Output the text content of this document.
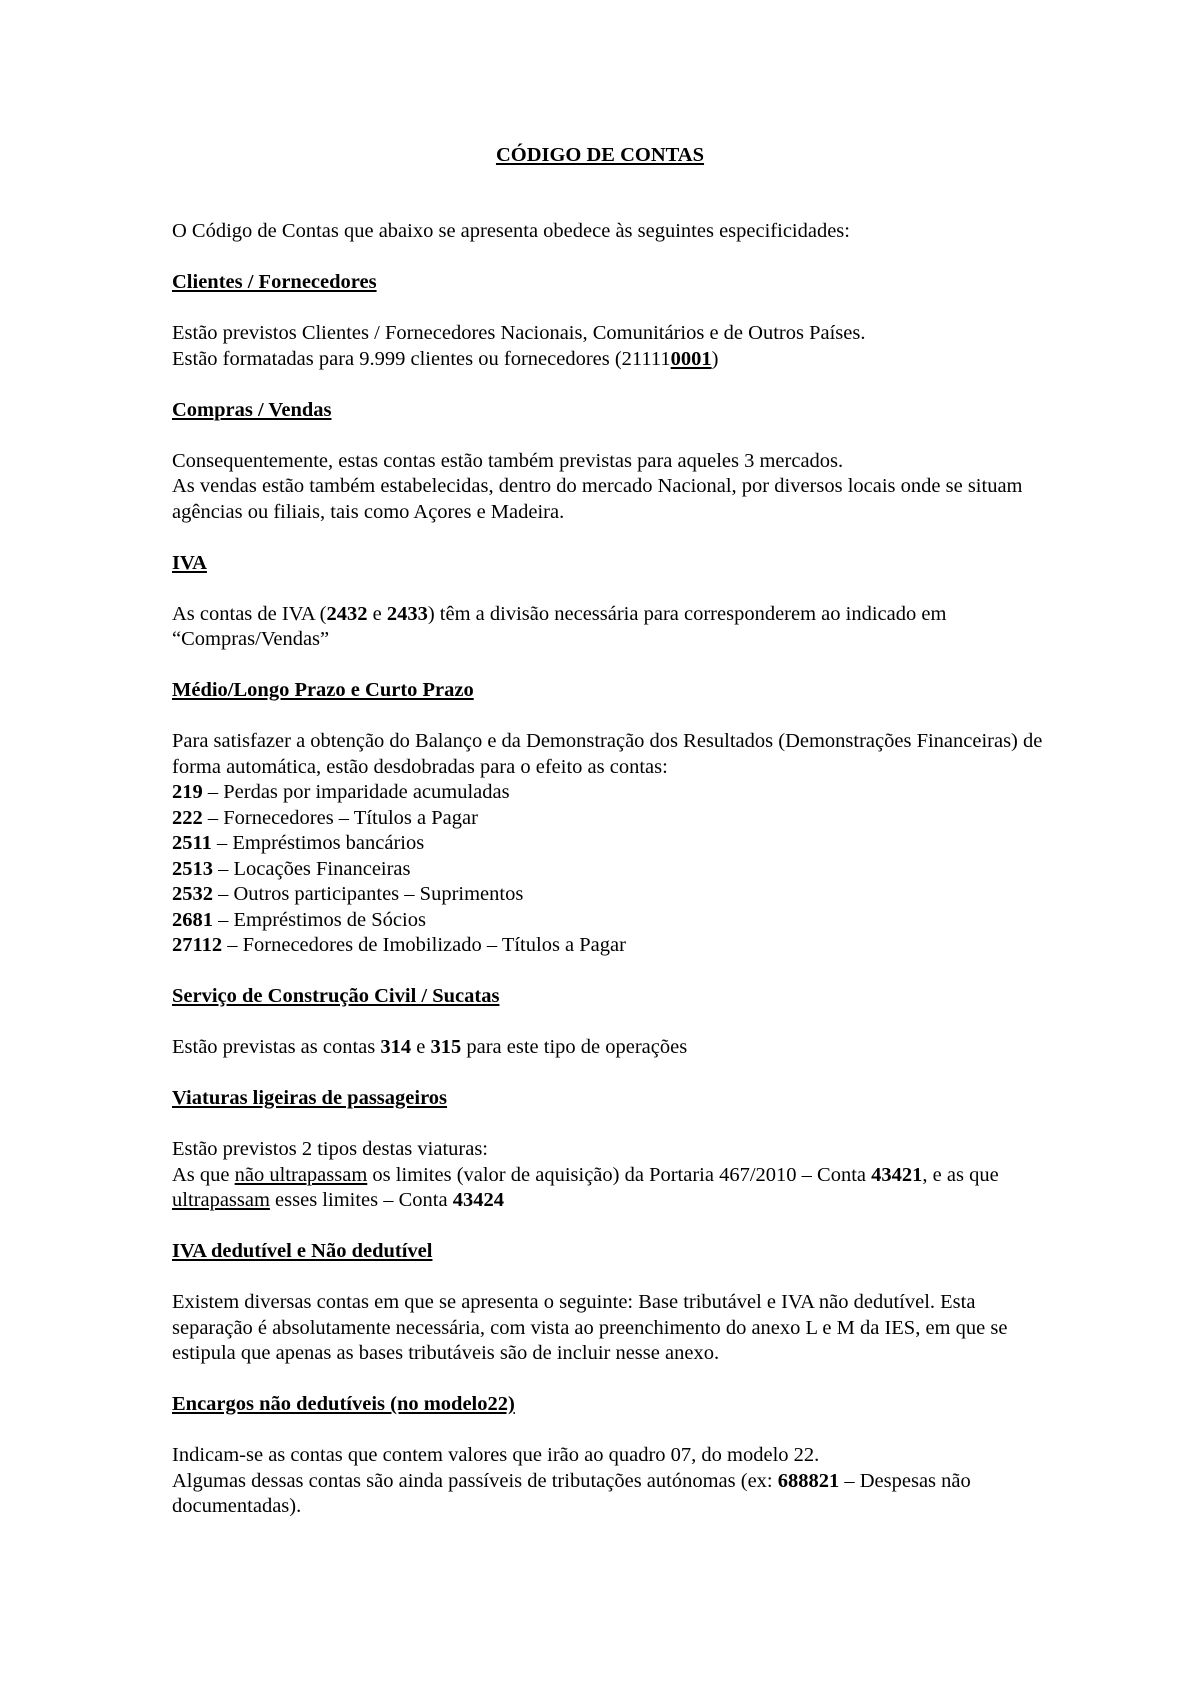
CÓDIGO DE CONTAS

O Código de Contas que abaixo se apresenta obedece às seguintes especificidades:

Clientes / Fornecedores

Estão previstos Clientes / Fornecedores Nacionais, Comunitários e de Outros Países.

Estão formatadas para 9.999 clientes ou fornecedores (211110001)

Compras / Vendas

Consequentemente, estas contas estão também previstas para aqueles 3 mercados.

As vendas estão também estabelecidas, dentro do mercado Nacional, por diversos locais onde se situam agências ou filiais, tais como Açores e Madeira.

IVA

As contas de IVA (2432 e 2433) têm a divisão necessária para corresponderem ao indicado em “Compras/Vendas”

Médio/Longo Prazo e Curto Prazo

Para satisfazer a obtenção do Balanço e da Demonstração dos Resultados (Demonstrações Financeiras) de forma automática, estão desdobradas para o efeito as contas:

219 – Perdas por imparidade acumuladas

222 – Fornecedores – Títulos a Pagar

2511 – Empréstimos bancários

2513 – Locações Financeiras

2532 – Outros participantes – Suprimentos

2681 – Empréstimos de Sócios

27112 – Fornecedores de Imobilizado – Títulos a Pagar

Serviço de Construção Civil / Sucatas

Estão previstas as contas 314 e 315 para este tipo de operações

Viaturas ligeiras de passageiros

Estão previstos 2 tipos destas viaturas:

As que não ultrapassam os limites (valor de aquisição) da Portaria 467/2010 – Conta 43421, e as que ultrapassam esses limites – Conta 43424

IVA dedutível e Não dedutível

Existem diversas contas em que se apresenta o seguinte: Base tributável e IVA não dedutível. Esta separação é absolutamente necessária, com vista ao preenchimento do anexo L e M da IES, em que se estipula que apenas as bases tributáveis são de incluir nesse anexo.

Encargos não dedutíveis (no modelo22)

Indicam-se as contas que contem valores que irão ao quadro 07, do modelo 22.

Algumas dessas contas são ainda passíveis de tributações autónomas (ex: 688821 – Despesas não documentadas).
